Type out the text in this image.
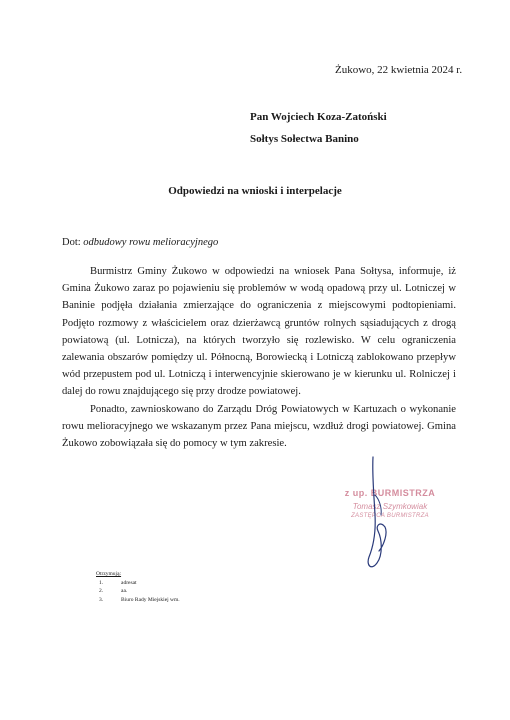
Żukowo, 22 kwietnia 2024 r.
Pan Wojciech Koza-Zatoński
Sołtys Sołectwa Banino
Odpowiedzi na wnioski i interpelacje
Dot: odbudowy rowu melioracyjnego

Burmistrz Gminy Żukowo w odpowiedzi na wniosek Pana Sołtysa, informuje, iż Gmina Żukowo zaraz po pojawieniu się problemów w wodą opadową przy ul. Lotniczej w Baninie podjęła działania zmierzające do ograniczenia z miejscowymi podtopieniami. Podjęto rozmowy z właścicielem oraz dzierżawcą gruntów rolnych sąsiadujących z drogą powiatową (ul. Lotnicza), na których tworzyło się rozlewisko. W celu ograniczenia zalewania obszarów pomiędzy ul. Północną, Borowiecką i Lotniczą zablokowano przepływ wód przepustem pod ul. Lotniczą i interwencyjnie skierowano je w kierunku ul. Rolniczej i dalej do rowu znajdującego się przy drodze powiatowej.

Ponadto, zawnioskowano do Zarządu Dróg Powiatowych w Kartuzach o wykonanie rowu melioracyjnego we wskazanym przez Pana miejscu, wzdłuż drogi powiatowej. Gmina Żukowo zobowiązała się do pomocy w tym zakresie.

z up. BURMISTRZA
Tomasz Szymkowiak
ZASTĘPCA BURMISTRZA
Otrzymują:
1.	adresat
2.	aa.
3.	Biuro Rady Miejskiej wm.
